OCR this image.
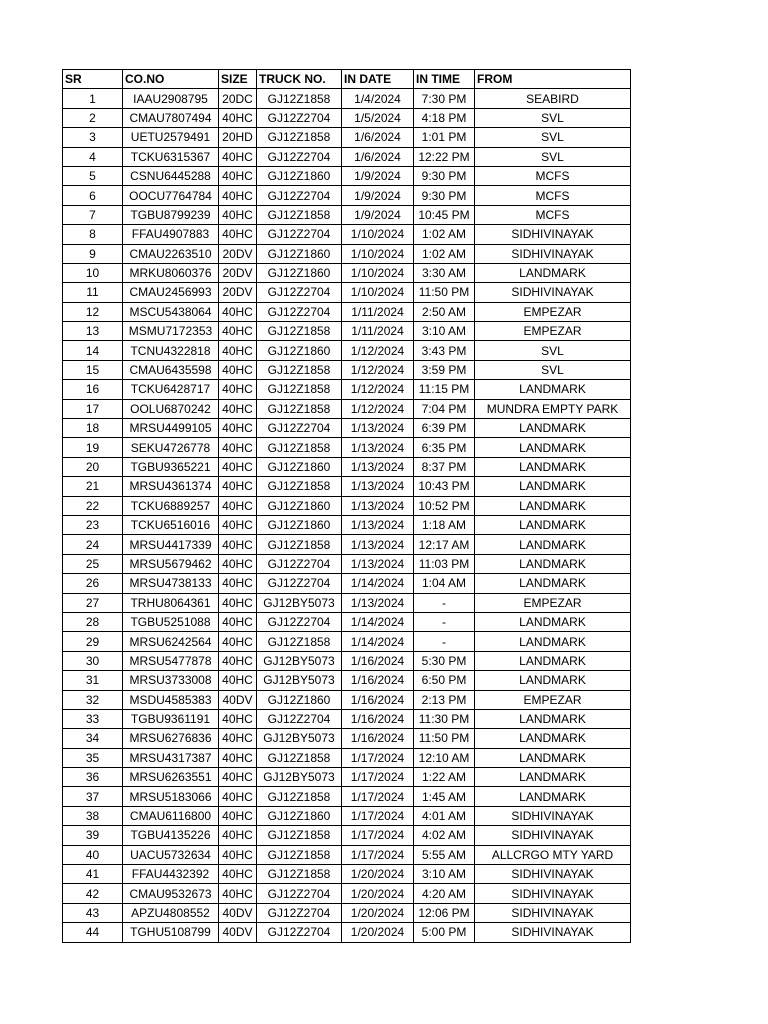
SR	CO.NO	SIZE	TRUCK NO.	IN DATE	IN TIME	FROM
1	IAAU2908795	20DC	GJ12Z1858	1/4/2024	7:30 PM	SEABIRD
2	CMAU7807494	40HC	GJ12Z2704	1/5/2024	4:18 PM	SVL
3	UETU2579491	20HD	GJ12Z1858	1/6/2024	1:01 PM	SVL
4	TCKU6315367	40HC	GJ12Z2704	1/6/2024	12:22 PM	SVL
5	CSNU6445288	40HC	GJ12Z1860	1/9/2024	9:30 PM	MCFS
6	OOCU7764784	40HC	GJ12Z2704	1/9/2024	9:30 PM	MCFS
7	TGBU8799239	40HC	GJ12Z1858	1/9/2024	10:45 PM	MCFS
8	FFAU4907883	40HC	GJ12Z2704	1/10/2024	1:02 AM	SIDHIVINAYAK
9	CMAU2263510	20DV	GJ12Z1860	1/10/2024	1:02 AM	SIDHIVINAYAK
10	MRKU8060376	20DV	GJ12Z1860	1/10/2024	3:30 AM	LANDMARK
11	CMAU2456993	20DV	GJ12Z2704	1/10/2024	11:50 PM	SIDHIVINAYAK
12	MSCU5438064	40HC	GJ12Z2704	1/11/2024	2:50 AM	EMPEZAR
13	MSMU7172353	40HC	GJ12Z1858	1/11/2024	3:10 AM	EMPEZAR
14	TCNU4322818	40HC	GJ12Z1860	1/12/2024	3:43 PM	SVL
15	CMAU6435598	40HC	GJ12Z1858	1/12/2024	3:59 PM	SVL
16	TCKU6428717	40HC	GJ12Z1858	1/12/2024	11:15 PM	LANDMARK
17	OOLU6870242	40HC	GJ12Z1858	1/12/2024	7:04 PM	MUNDRA EMPTY PARK
18	MRSU4499105	40HC	GJ12Z2704	1/13/2024	6:39 PM	LANDMARK
19	SEKU4726778	40HC	GJ12Z1858	1/13/2024	6:35 PM	LANDMARK
20	TGBU9365221	40HC	GJ12Z1860	1/13/2024	8:37 PM	LANDMARK
21	MRSU4361374	40HC	GJ12Z1858	1/13/2024	10:43 PM	LANDMARK
22	TCKU6889257	40HC	GJ12Z1860	1/13/2024	10:52 PM	LANDMARK
23	TCKU6516016	40HC	GJ12Z1860	1/13/2024	1:18 AM	LANDMARK
24	MRSU4417339	40HC	GJ12Z1858	1/13/2024	12:17 AM	LANDMARK
25	MRSU5679462	40HC	GJ12Z2704	1/13/2024	11:03 PM	LANDMARK
26	MRSU4738133	40HC	GJ12Z2704	1/14/2024	1:04 AM	LANDMARK
27	TRHU8064361	40HC	GJ12BY5073	1/13/2024	-	EMPEZAR
28	TGBU5251088	40HC	GJ12Z2704	1/14/2024	-	LANDMARK
29	MRSU6242564	40HC	GJ12Z1858	1/14/2024	-	LANDMARK
30	MRSU5477878	40HC	GJ12BY5073	1/16/2024	5:30 PM	LANDMARK
31	MRSU3733008	40HC	GJ12BY5073	1/16/2024	6:50 PM	LANDMARK
32	MSDU4585383	40DV	GJ12Z1860	1/16/2024	2:13 PM	EMPEZAR
33	TGBU9361191	40HC	GJ12Z2704	1/16/2024	11:30 PM	LANDMARK
34	MRSU6276836	40HC	GJ12BY5073	1/16/2024	11:50 PM	LANDMARK
35	MRSU4317387	40HC	GJ12Z1858	1/17/2024	12:10 AM	LANDMARK
36	MRSU6263551	40HC	GJ12BY5073	1/17/2024	1:22 AM	LANDMARK
37	MRSU5183066	40HC	GJ12Z1858	1/17/2024	1:45 AM	LANDMARK
38	CMAU6116800	40HC	GJ12Z1860	1/17/2024	4:01 AM	SIDHIVINAYAK
39	TGBU4135226	40HC	GJ12Z1858	1/17/2024	4:02 AM	SIDHIVINAYAK
40	UACU5732634	40HC	GJ12Z1858	1/17/2024	5:55 AM	ALLCRGO MTY YARD
41	FFAU4432392	40HC	GJ12Z1858	1/20/2024	3:10 AM	SIDHIVINAYAK
42	CMAU9532673	40HC	GJ12Z2704	1/20/2024	4:20 AM	SIDHIVINAYAK
43	APZU4808552	40DV	GJ12Z2704	1/20/2024	12:06 PM	SIDHIVINAYAK
44	TGHU5108799	40DV	GJ12Z2704	1/20/2024	5:00 PM	SIDHIVINAYAK
